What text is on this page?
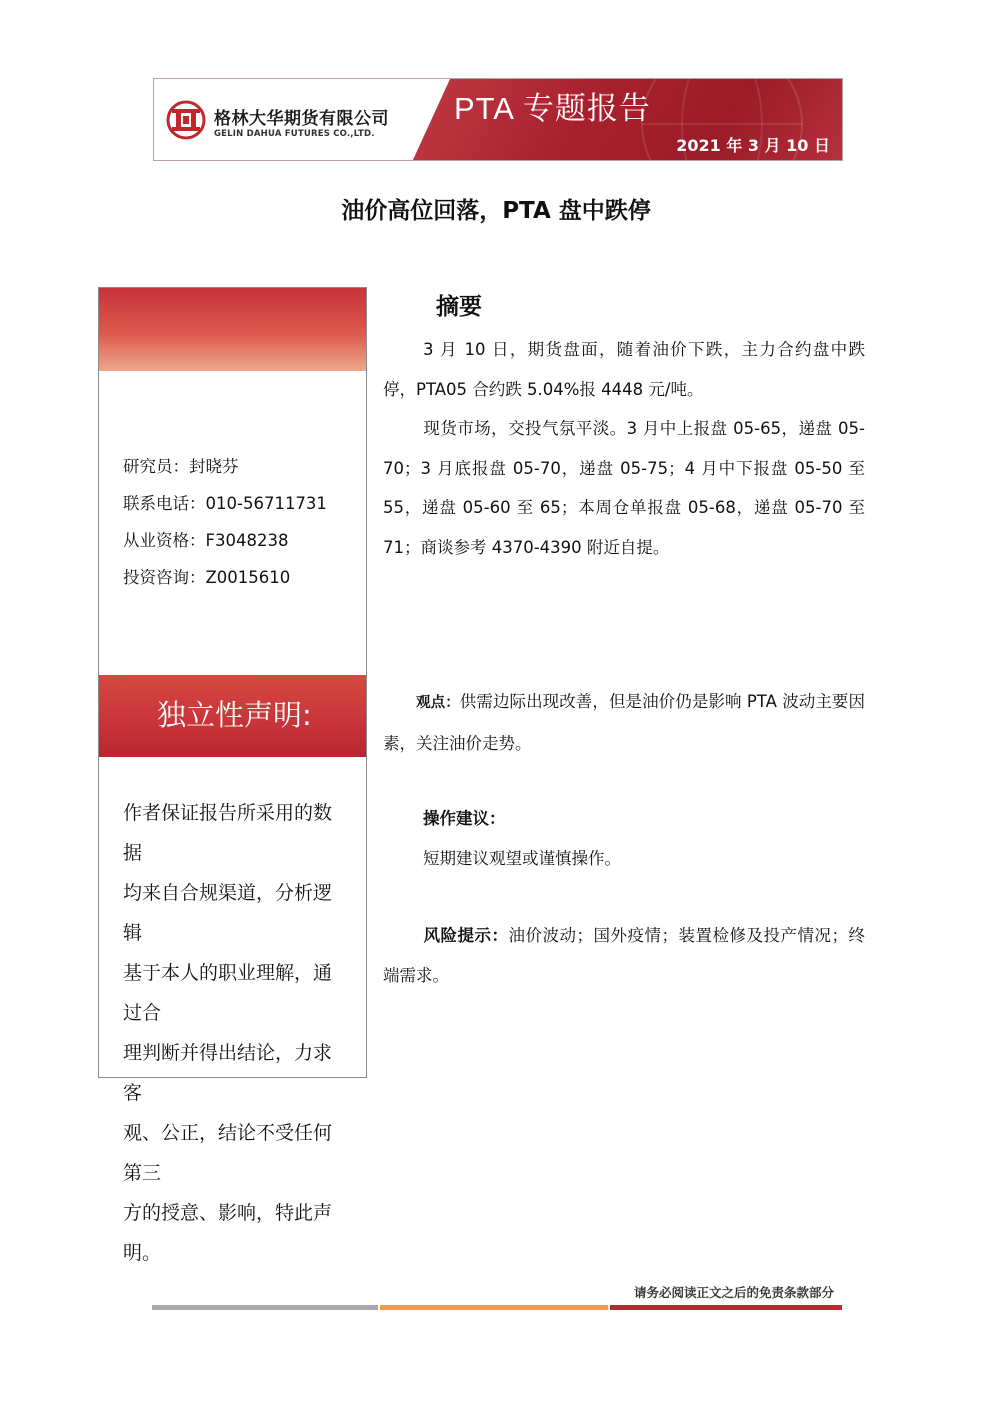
格林大华期货有限公司
GELIN DAHUA FUTURES CO.,LTD.
PTA 专题报告
2021 年 3 月 10 日
油价高位回落，PTA 盘中跌停
研究员：封晓芬
联系电话：010-56711731
从业资格：F3048238
投资咨询：Z0015610
独立性声明:
作者保证报告所采用的数据
均来自合规渠道，分析逻辑
基于本人的职业理解，通过合
理判断并得出结论，力求客
观、公正，结论不受任何第三
方的授意、影响，特此声明。
摘要
3 月 10 日，期货盘面，随着油价下跌，主力合约盘中跌停，PTA05 合约跌 5.04%报 4448 元/吨。
现货市场，交投气氛平淡。3 月中上报盘 05-65，递盘 05-70；3 月底报盘 05-70，递盘 05-75；4 月中下报盘 05-50 至 55，递盘 05-60 至 65；本周仓单报盘 05-68，递盘 05-70 至 71；商谈参考 4370-4390 附近自提。
观点：供需边际出现改善，但是油价仍是影响 PTA 波动主要因素，关注油价走势。
操作建议：
短期建议观望或谨慎操作。
风险提示：油价波动；国外疫情；装置检修及投产情况；终端需求。
请务必阅读正文之后的免责条款部分
